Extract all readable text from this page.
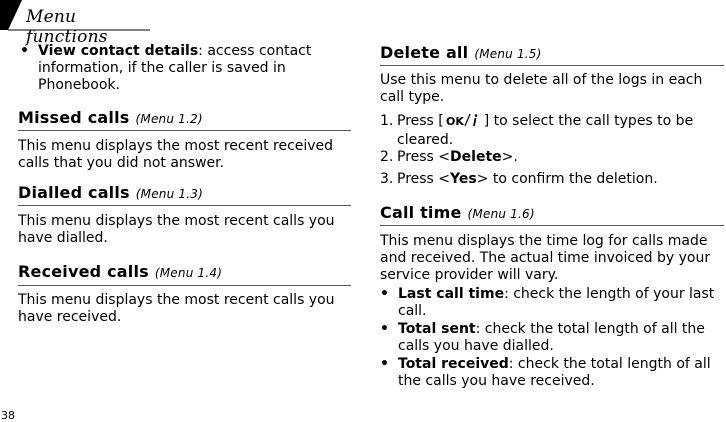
Menu functions
• View contact details: access contact information, if the caller is saved in Phonebook.
Missed calls (Menu 1.2)
This menu displays the most recent received calls that you did not answer.
Dialled calls (Menu 1.3)
This menu displays the most recent calls you have dialled.
Received calls (Menu 1.4)
This menu displays the most recent calls you have received.
Delete all (Menu 1.5)
Use this menu to delete all of the logs in each call type.
1. Press [ OK ] to select the call types to be cleared.
2. Press <Delete>.
3. Press <Yes> to confirm the deletion.
Call time (Menu 1.6)
This menu displays the time log for calls made and received. The actual time invoiced by your service provider will vary.
• Last call time: check the length of your last call.
• Total sent: check the total length of all the calls you have dialled.
• Total received: check the total length of all the calls you have received.
38
